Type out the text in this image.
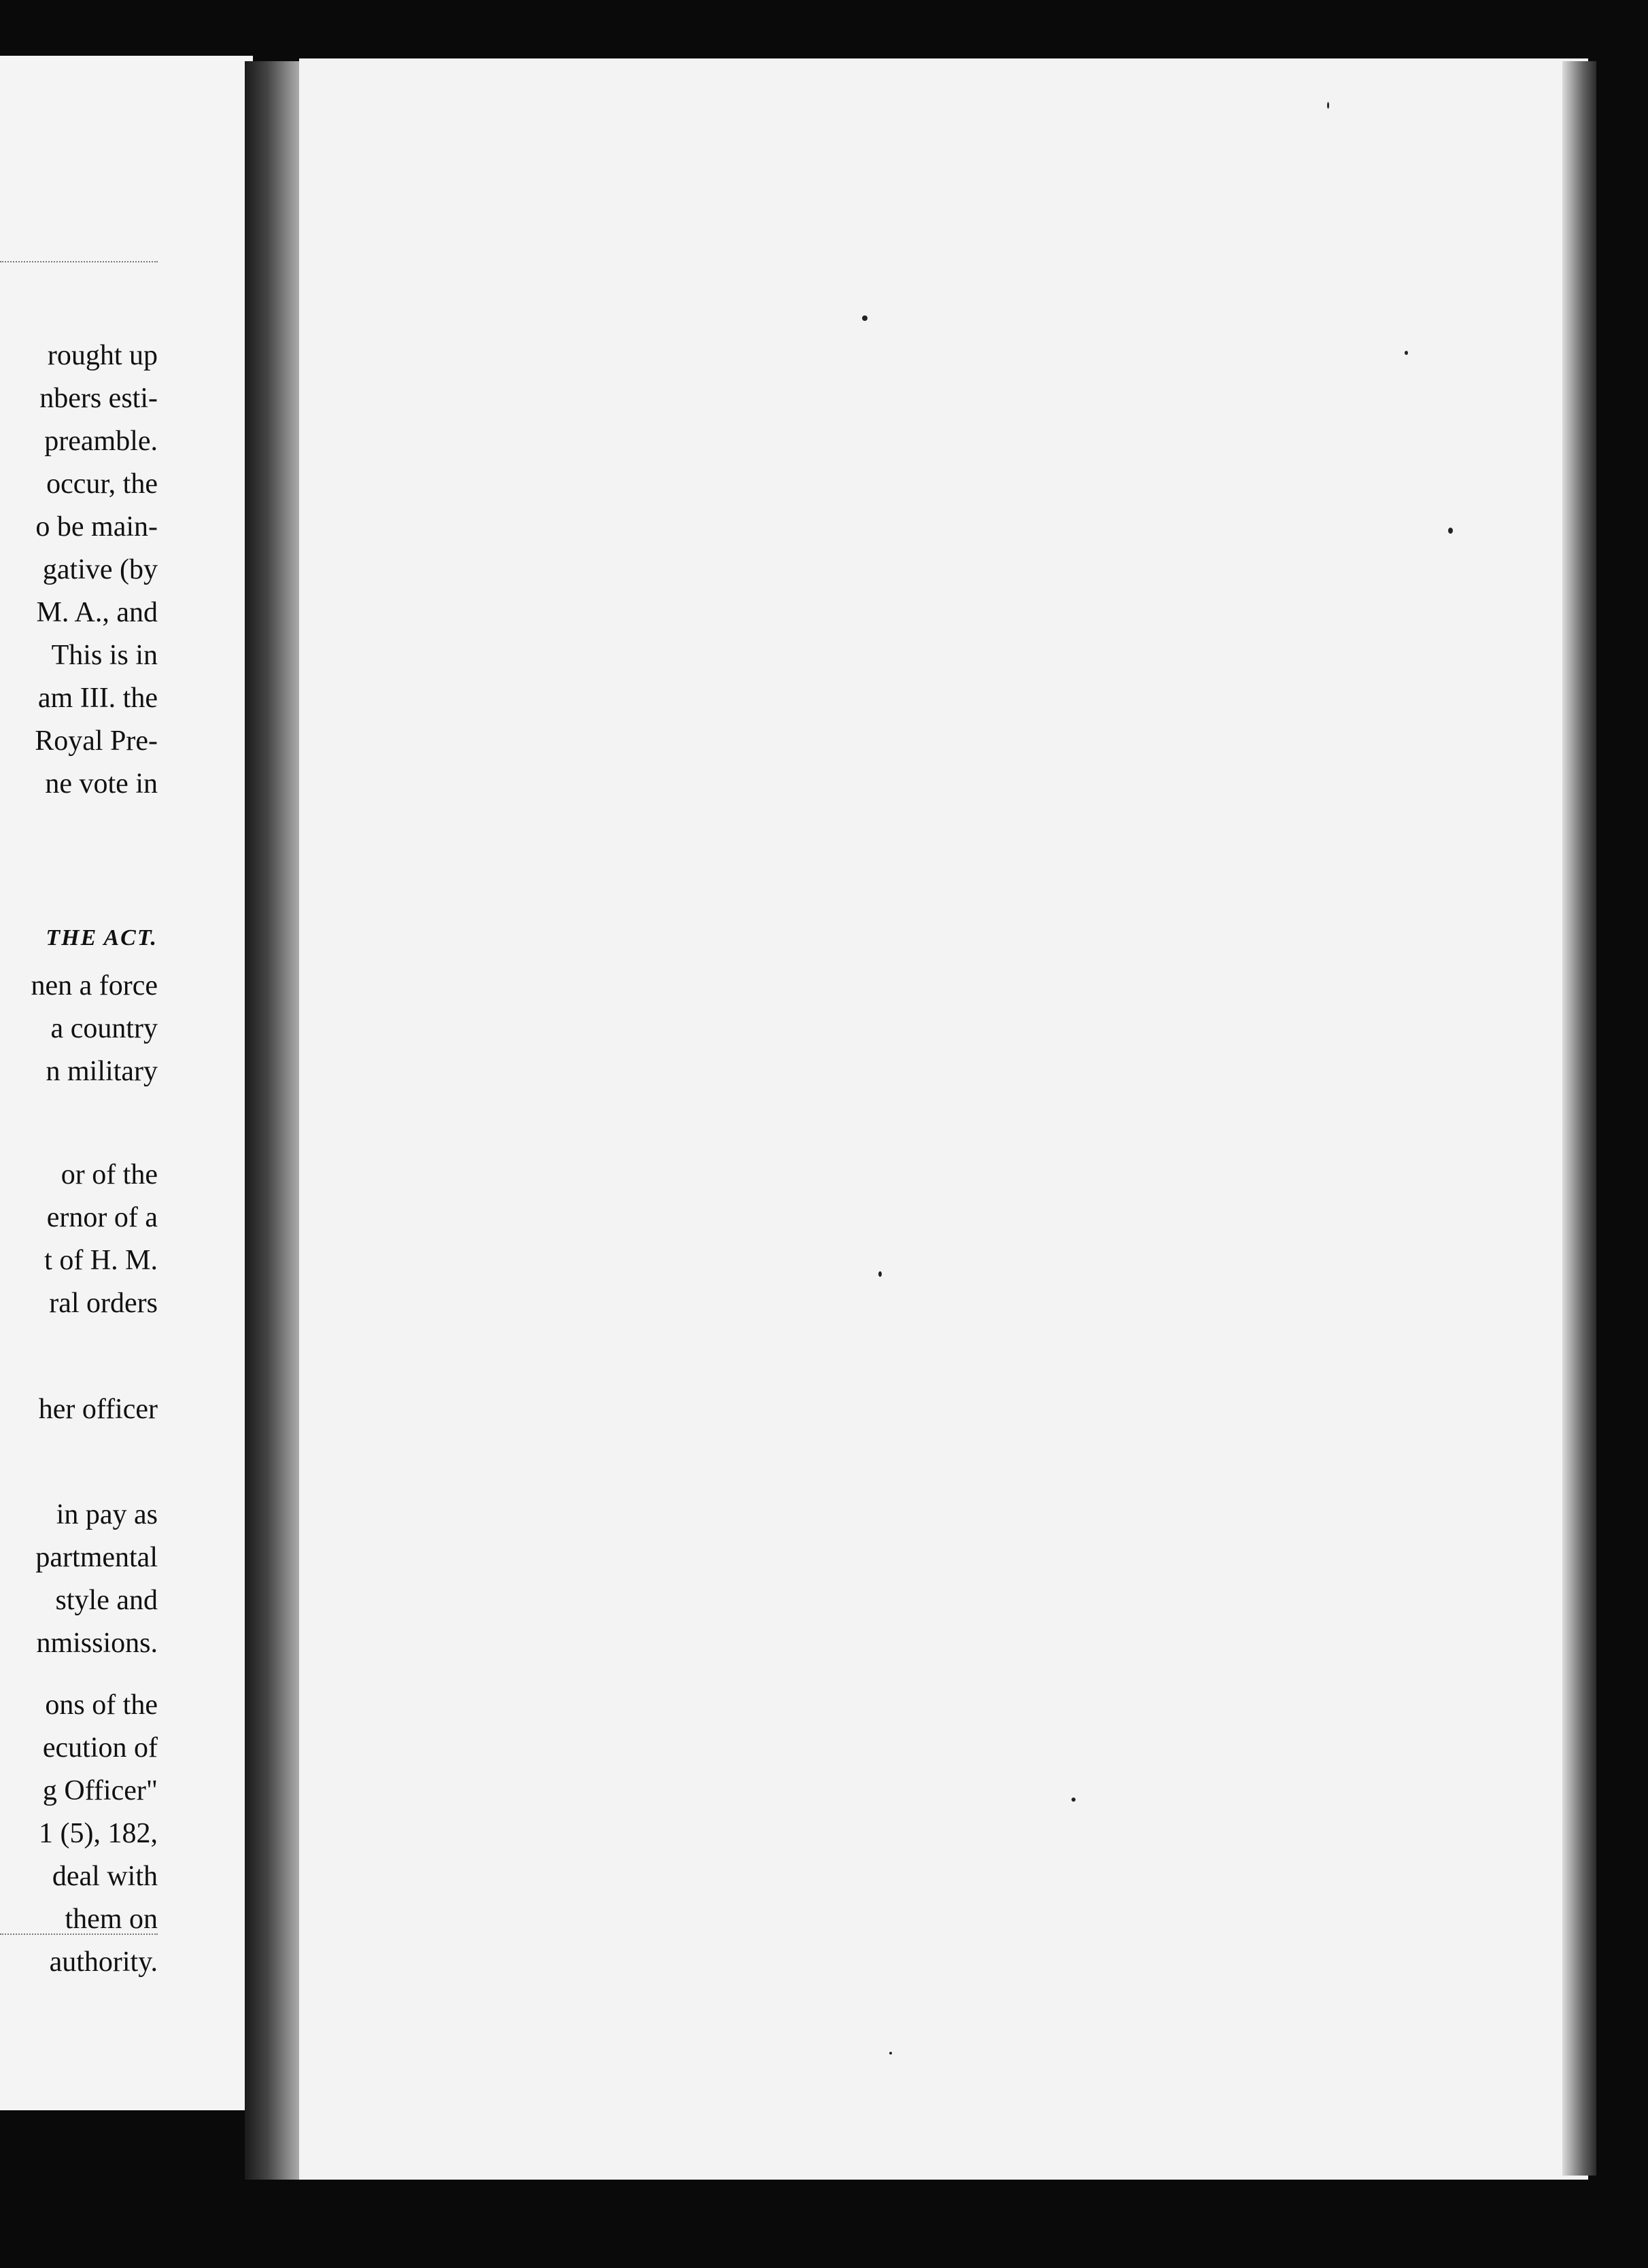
rought up
nbers esti-
preamble.
occur, the
o be main-
gative (by
M. A., and
This is in
am III. the
Royal Pre-
ne vote in
THE ACT.
nen a force
a country
n military
or of the
ernor of a
t of H. M.
ral orders
her officer
in pay as
partmental
style and
nmissions.
ons of the
ecution of
g Officer"
1 (5), 182,
deal with
them on
authority.
